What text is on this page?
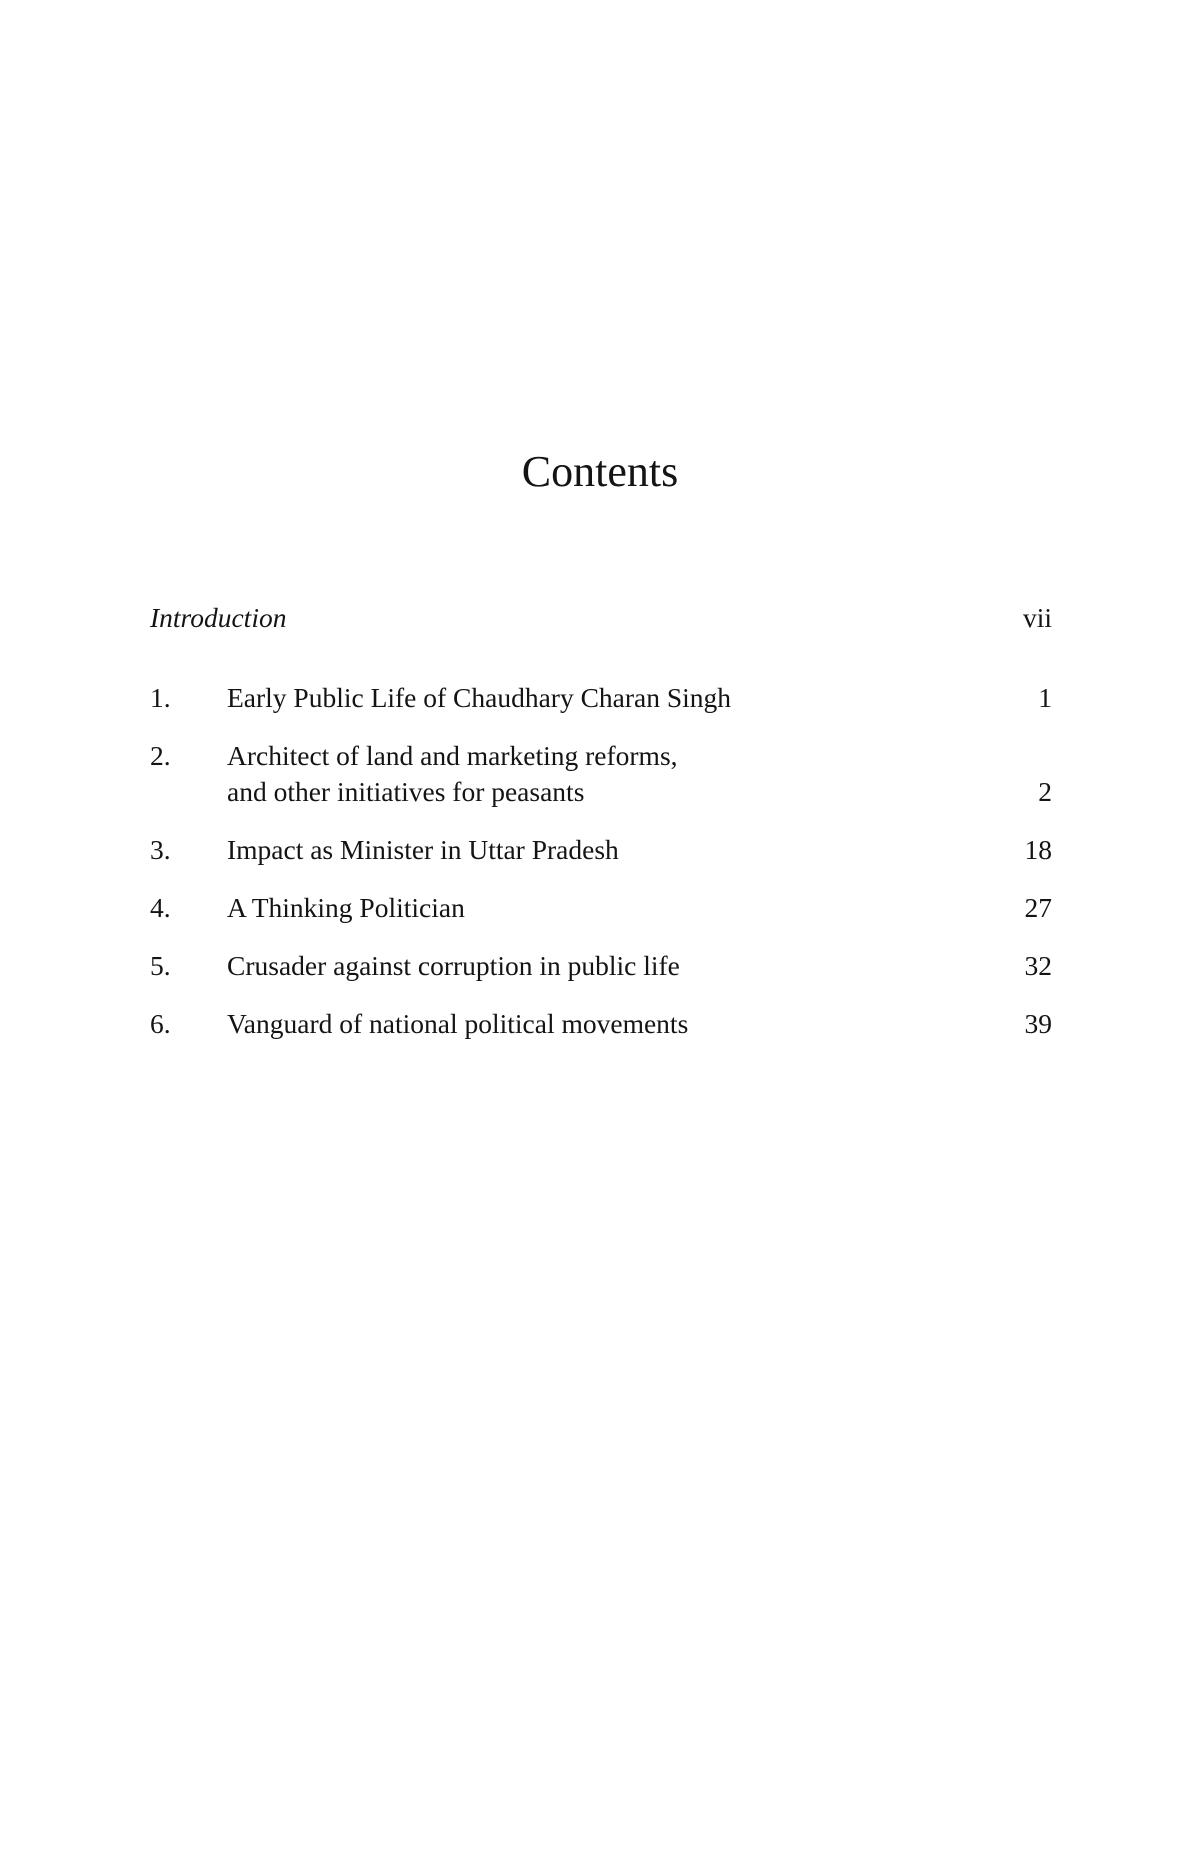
Contents
Introduction	vii
1. Early Public Life of Chaudhary Charan Singh	1
2. Architect of land and marketing reforms,
and other initiatives for peasants	2
3. Impact as Minister in Uttar Pradesh	18
4. A Thinking Politician	27
5. Crusader against corruption in public life	32
6. Vanguard of national political movements	39
